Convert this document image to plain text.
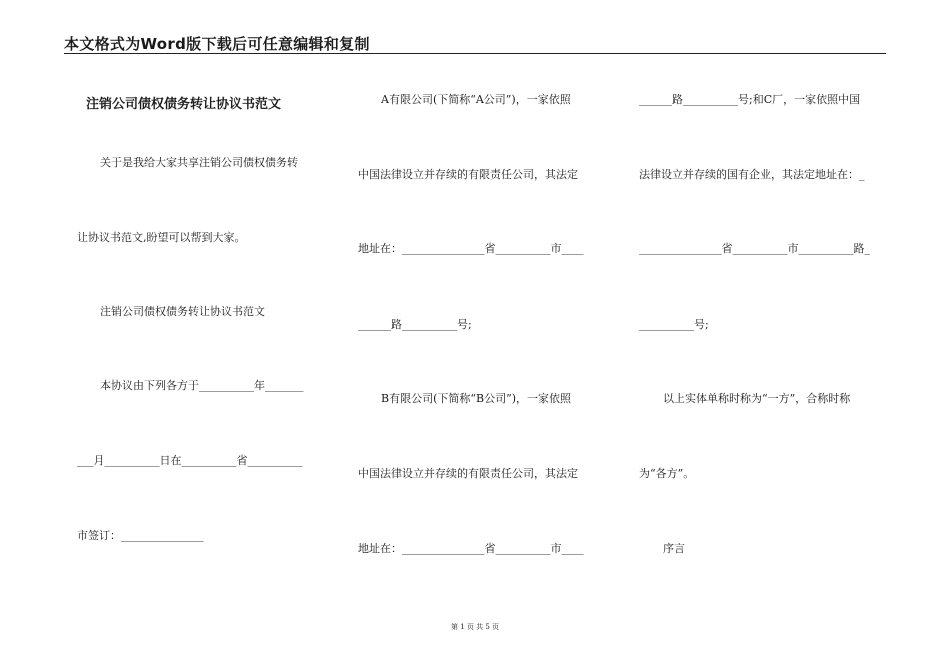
本文格式为Word版下载后可任意编辑和复制
注销公司债权债务转让协议书范文
关于是我给大家共享注销公司债权债务转
让协议书范文,盼望可以帮到大家。
注销公司债权债务转让协议书范文
本协议由下列各方于__________年_______
___月__________日在__________省__________
市签订：_______________
A有限公司(下简称“A公司”)，一家依照
中国法律设立并存续的有限责任公司，其法定
地址在：_______________省__________市____
______路__________号;
B有限公司(下简称“B公司”)，一家依照
中国法律设立并存续的有限责任公司，其法定
地址在：_______________省__________市____
______路__________号;和C厂，一家依照中国
法律设立并存续的国有企业，其法定地址在：_
_______________省__________市__________路_
__________号;
以上实体单称时称为“一方”，合称时称
为“各方”。
序言
第 1 页 共 5 页
